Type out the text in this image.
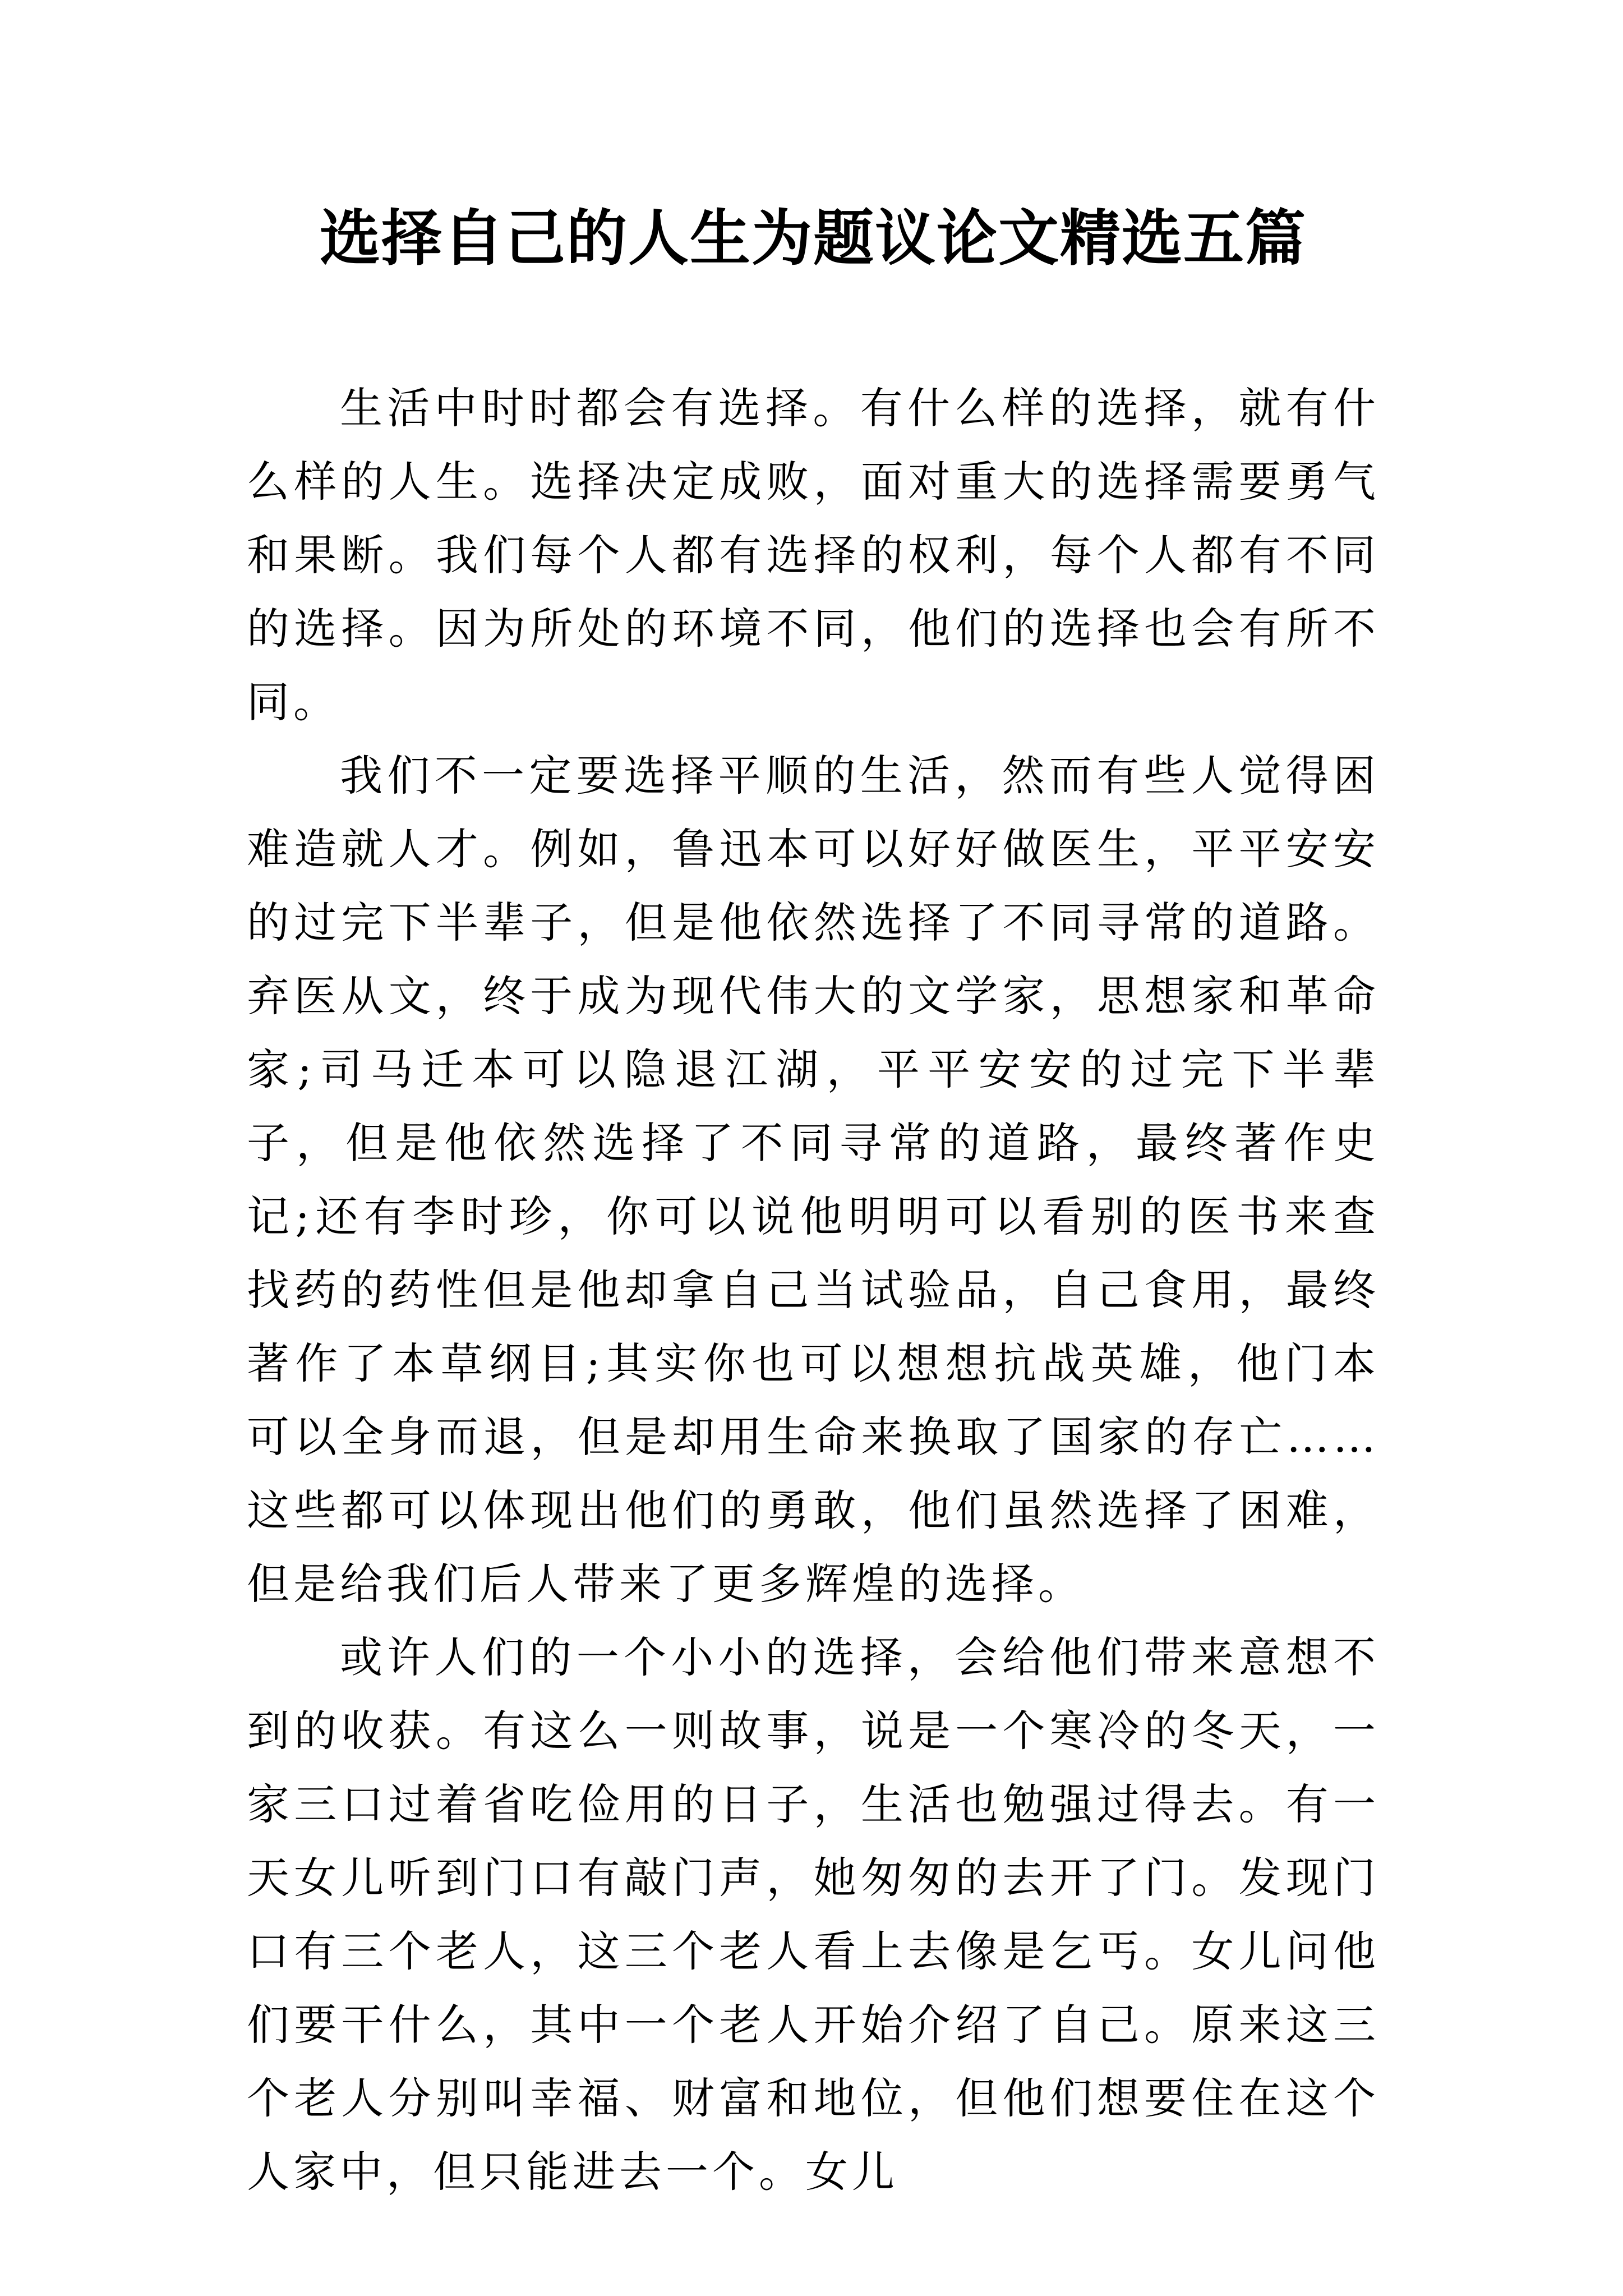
选择自己的人生为题议论文精选五篇

生活中时时都会有选择。有什么样的选择，就有什么样的人生。选择决定成败，面对重大的选择需要勇气和果断。我们每个人都有选择的权利，每个人都有不同的选择。因为所处的环境不同，他们的选择也会有所不同。

我们不一定要选择平顺的生活，然而有些人觉得困难造就人才。例如，鲁迅本可以好好做医生，平平安安的过完下半辈子，但是他依然选择了不同寻常的道路。弃医从文，终于成为现代伟大的文学家，思想家和革命家;司马迁本可以隐退江湖，平平安安的过完下半辈子，但是他依然选择了不同寻常的道路，最终著作史记;还有李时珍，你可以说他明明可以看别的医书来查找药的药性但是他却拿自己当试验品，自己食用，最终著作了本草纲目;其实你也可以想想抗战英雄，他门本可以全身而退，但是却用生命来换取了国家的存亡……这些都可以体现出他们的勇敢，他们虽然选择了困难，但是给我们后人带来了更多辉煌的选择。

或许人们的一个小小的选择，会给他们带来意想不到的收获。有这么一则故事，说是一个寒冷的冬天，一家三口过着省吃俭用的日子，生活也勉强过得去。有一天女儿听到门口有敲门声，她匆匆的去开了门。发现门口有三个老人，这三个老人看上去像是乞丐。女儿问他们要干什么，其中一个老人开始介绍了自己。原来这三个老人分别叫幸福、财富和地位，但他们想要住在这个人家中，但只能进去一个。女儿
